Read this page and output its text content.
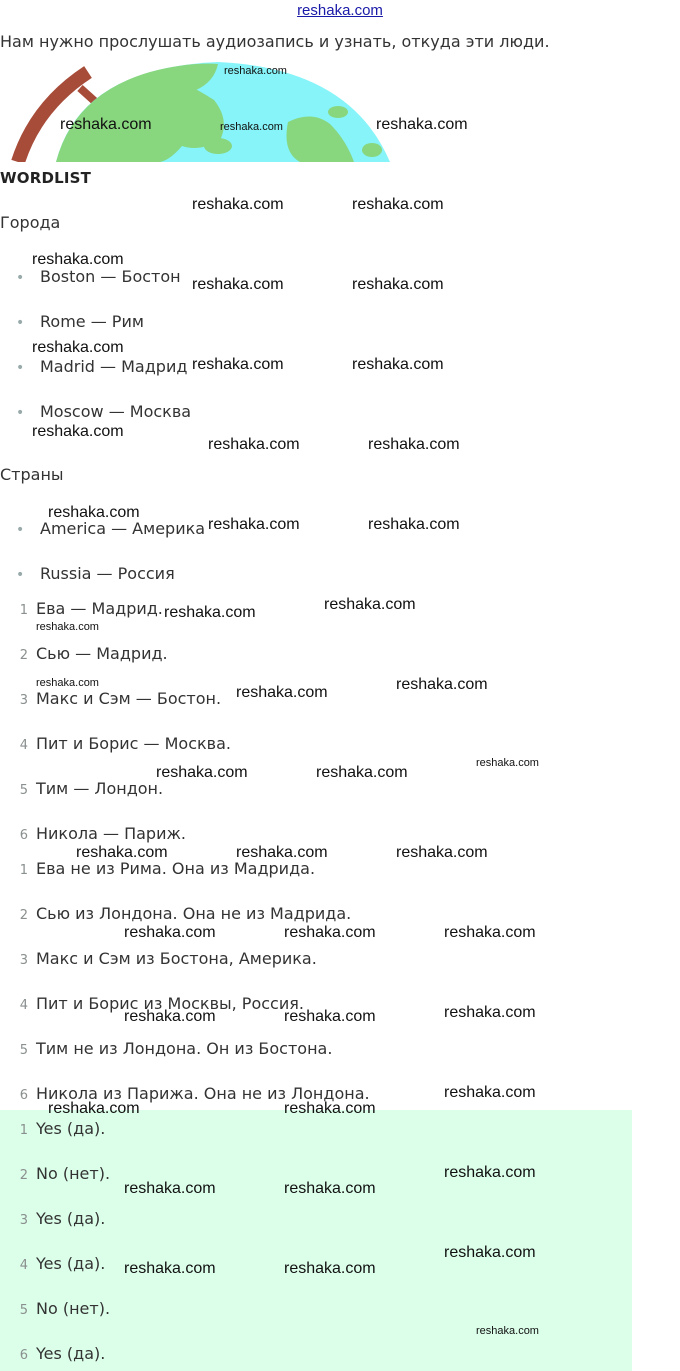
reshaka.com
Нам нужно прослушать аудиозапись и узнать, откуда эти люди.
WORDLIST
Города
• Boston — Бостон
• Rome — Рим
• Madrid — Мадрид
• Moscow — Москва
Страны
• America — Америка
• Russia — Россия
1 Ева — Мадрид.
2 Сью — Мадрид.
3 Макс и Сэм — Бостон.
4 Пит и Борис — Москва.
5 Тим — Лондон.
6 Никола — Париж.
1 Ева не из Рима. Она из Мадрида.
2 Сью из Лондона. Она не из Мадрида.
3 Макс и Сэм из Бостона, Америка.
4 Пит и Борис из Москвы, Россия.
5 Тим не из Лондона. Он из Бостона.
6 Никола из Парижа. Она не из Лондона.
1 Yes (да).
2 No (нет).
3 Yes (да).
4 Yes (да).
5 No (нет).
6 Yes (да).
reshaka.com
reshaka.com	reshaka.com	reshaka.com
reshaka.com	reshaka.com
reshaka.com
reshaka.com	reshaka.com
reshaka.com
reshaka.com	reshaka.com
reshaka.com
reshaka.com	reshaka.com
reshaka.com
reshaka.com	reshaka.com
reshaka.com
reshaka.com
reshaka.com
reshaka.com	reshaka.com
reshaka.com
reshaka.com
reshaka.com	reshaka.com
reshaka.com	reshaka.com	reshaka.com
reshaka.com	reshaka.com	reshaka.com
reshaka.com
reshaka.com	reshaka.com
reshaka.com
reshaka.com	reshaka.com
reshaka.com
reshaka.com	reshaka.com
reshaka.com
reshaka.com	reshaka.com
reshaka.com
